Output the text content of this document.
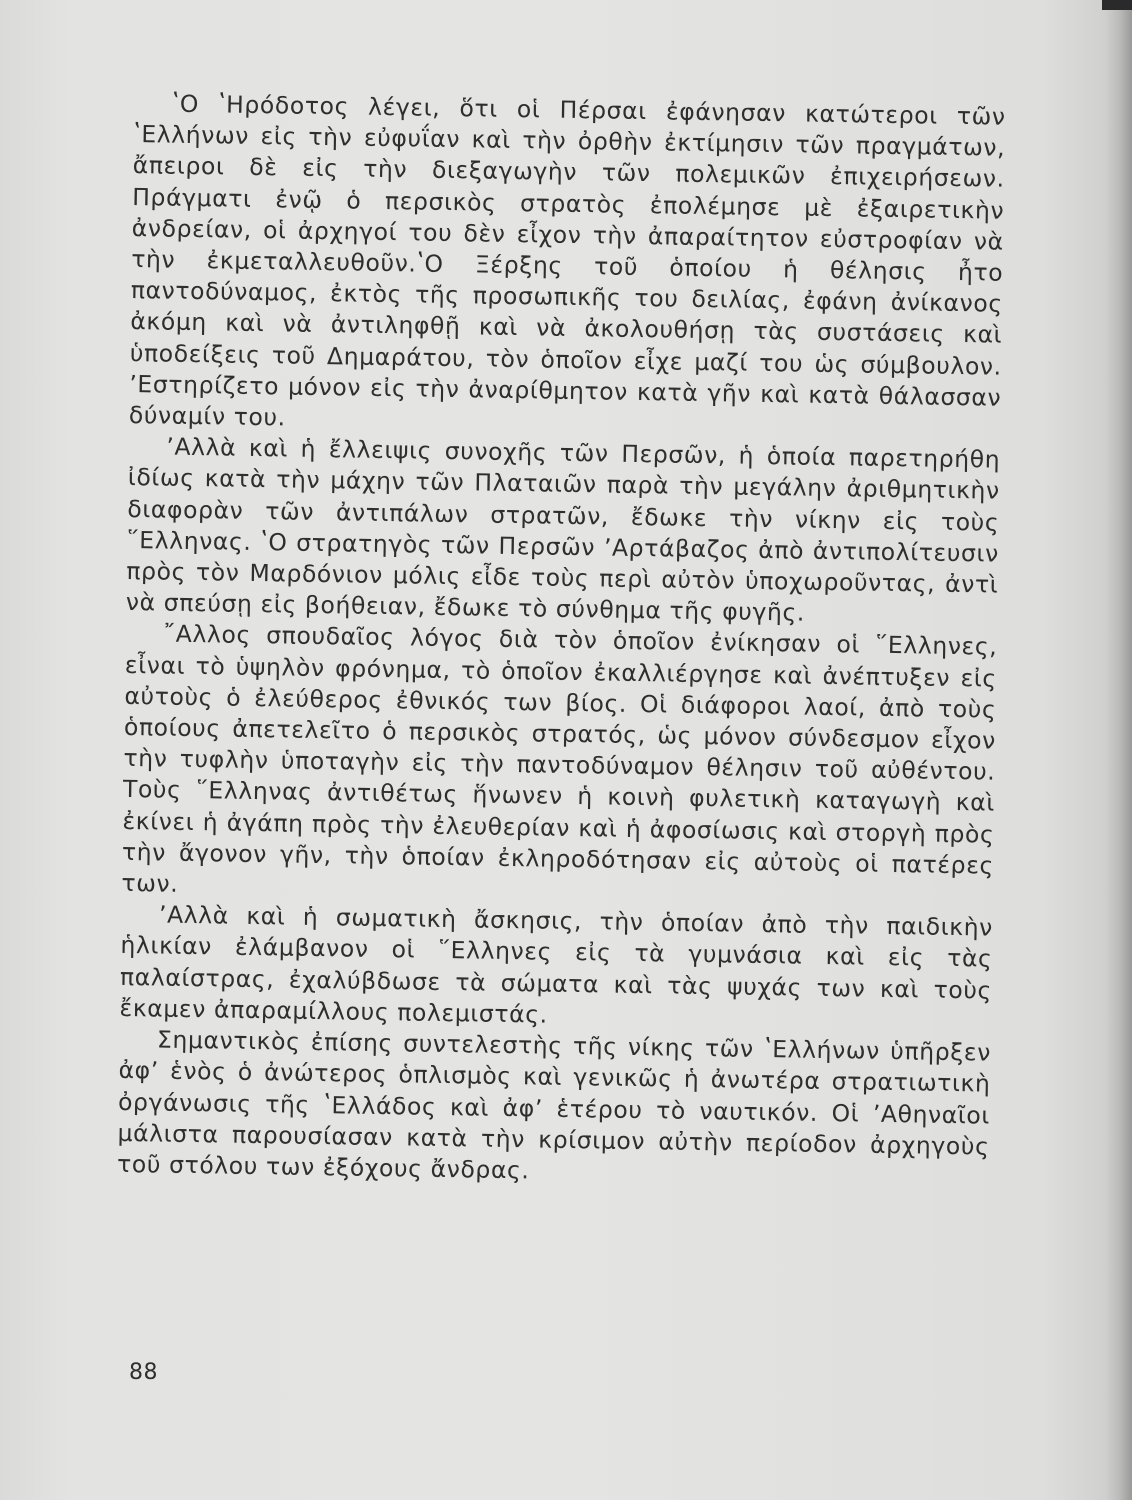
ʽΟ ʽΗρόδοτος λέγει, ὅτι οἱ Πέρσαι ἐφάνησαν κατώτεροι τῶν ʽΕλλήνων εἰς τὴν εὐφυΐαν καὶ τὴν ὀρθὴν ἐκτίμησιν τῶν πραγμάτων, ἄπειροι δὲ εἰς τὴν διεξαγωγὴν τῶν πολεμικῶν ἐπιχειρήσεων. Πράγματι ἐνῷ ὁ περσικὸς στρατὸς ἐπολέμησε μὲ ἐξαιρετικὴν ἀνδρείαν, οἱ ἀρχηγοί του δὲν εἶχον τὴν ἀπαραίτητον εὐστροφίαν νὰ τὴν ἐκμεταλλευθοῦν.ʽΟ Ξέρξης τοῦ ὁποίου ἡ θέλησις ἦτο παντοδύναμος, ἐκτὸς τῆς προσωπικῆς του δειλίας, ἐφάνη ἀνίκανος ἀκόμη καὶ νὰ ἀντιληφθῇ καὶ νὰ ἀκολουθήσῃ τὰς συστάσεις καὶ ὑποδείξεις τοῦ Δημαράτου, τὸν ὁποῖον εἶχε μαζί του ὡς σύμβουλον. ʼΕστηρίζετο μόνον εἰς τὴν ἀναρίθμητον κατὰ γῆν καὶ κατὰ θάλασσαν δύναμίν του.

ʼΑλλὰ καὶ ἡ ἔλλειψις συνοχῆς τῶν Περσῶν, ἡ ὁποία παρετηρήθη ἰδίως κατὰ τὴν μάχην τῶν Πλαταιῶν παρὰ τὴν μεγάλην ἀριθμητικὴν διαφορὰν τῶν ἀντιπάλων στρατῶν, ἔδωκε τὴν νίκην εἰς τοὺς ῞Ελληνας. ʽΟ στρατηγὸς τῶν Περσῶν ʼΑρτάβαζος ἀπὸ ἀντιπολίτευσιν πρὸς τὸν Μαρδόνιον μόλις εἶδε τοὺς περὶ αὐτὸν ὑποχωροῦντας, ἀντὶ νὰ σπεύσῃ εἰς βοήθειαν, ἔδωκε τὸ σύνθημα τῆς φυγῆς.

῎Αλλος σπουδαῖος λόγος διὰ τὸν ὁποῖον ἐνίκησαν οἱ ῞Ελληνες, εἶναι τὸ ὑψηλὸν φρόνημα, τὸ ὁποῖον ἐκαλλιέργησε καὶ ἀνέπτυξεν εἰς αὐτοὺς ὁ ἐλεύθερος ἐθνικός των βίος. Οἱ διάφοροι λαοί, ἀπὸ τοὺς ὁποίους ἀπετελεῖτο ὁ περσικὸς στρατός, ὡς μόνον σύνδεσμον εἶχον τὴν τυφλὴν ὑποταγὴν εἰς τὴν παντοδύναμον θέλησιν τοῦ αὐθέντου. Τοὺς ῞Ελληνας ἀντιθέτως ἥνωνεν ἡ κοινὴ φυλετικὴ καταγωγὴ καὶ ἐκίνει ἡ ἀγάπη πρὸς τὴν ἐλευθερίαν καὶ ἡ ἀφοσίωσις καὶ στοργὴ πρὸς τὴν ἄγονον γῆν, τὴν ὁποίαν ἐκληροδότησαν εἰς αὐτοὺς οἱ πατέρες των.

ʼΑλλὰ καὶ ἡ σωματικὴ ἄσκησις, τὴν ὁποίαν ἀπὸ τὴν παιδικὴν ἡλικίαν ἐλάμβανον οἱ ῞Ελληνες εἰς τὰ γυμνάσια καὶ εἰς τὰς παλαίστρας, ἐχαλύβδωσε τὰ σώματα καὶ τὰς ψυχάς των καὶ τοὺς ἔκαμεν ἀπαραμίλλους πολεμιστάς.

Σημαντικὸς ἐπίσης συντελεστὴς τῆς νίκης τῶν ʽΕλλήνων ὑπῆρξεν ἀφʼ ἑνὸς ὁ ἀνώτερος ὁπλισμὸς καὶ γενικῶς ἡ ἀνωτέρα στρατιωτικὴ ὀργάνωσις τῆς ʽΕλλάδος καὶ ἀφʼ ἑτέρου τὸ ναυτικόν. Οἱ ʼΑθηναῖοι μάλιστα παρουσίασαν κατὰ τὴν κρίσιμον αὐτὴν περίοδον ἀρχηγοὺς τοῦ στόλου των ἐξόχους ἄνδρας.

88
